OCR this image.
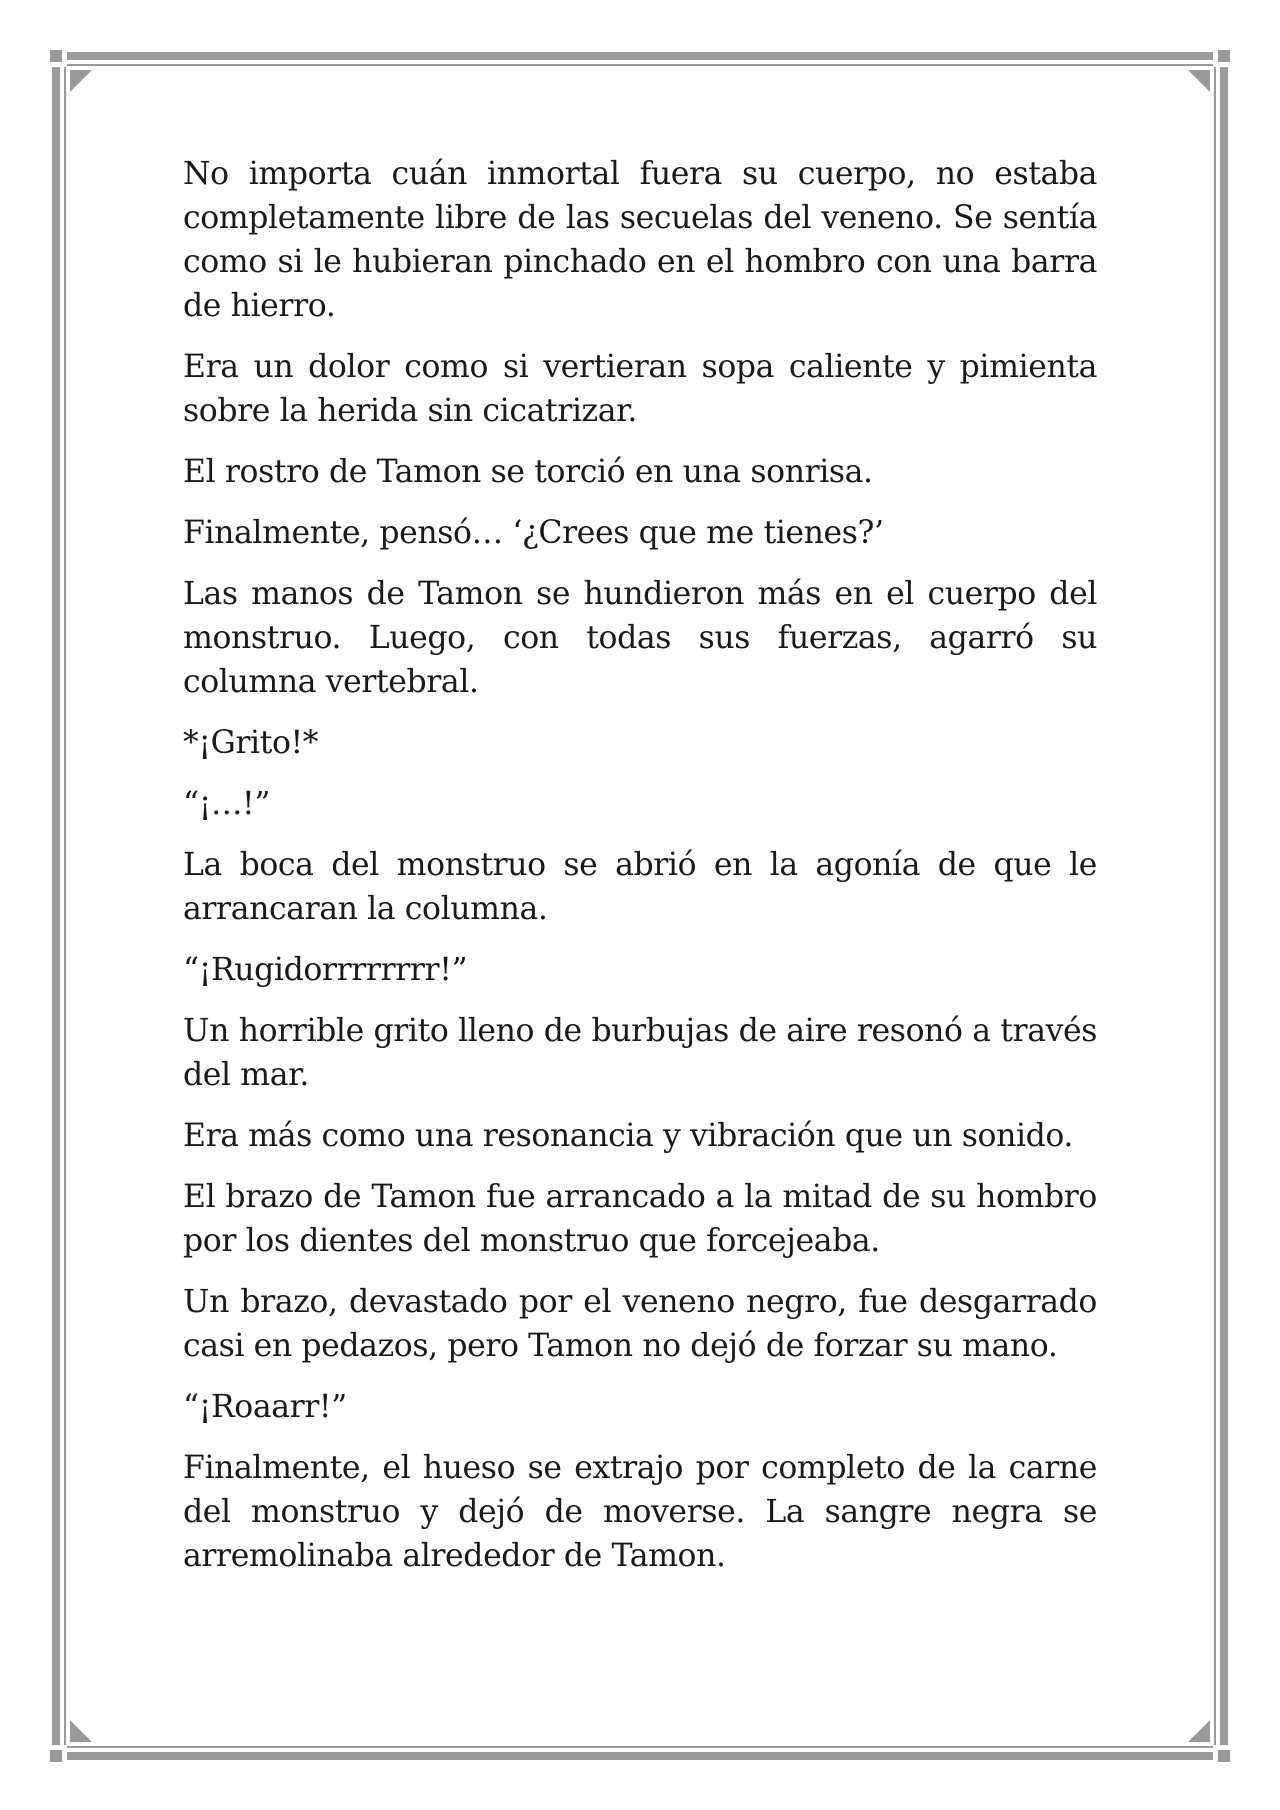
No importa cuán inmortal fuera su cuerpo, no estaba completamente libre de las secuelas del veneno. Se sentía como si le hubieran pinchado en el hombro con una barra de hierro.

Era un dolor como si vertieran sopa caliente y pimienta sobre la herida sin cicatrizar.

El rostro de Tamon se torció en una sonrisa.

Finalmente, pensó… ‘¿Crees que me tienes?’

Las manos de Tamon se hundieron más en el cuerpo del monstruo. Luego, con todas sus fuerzas, agarró su columna vertebral.

*¡Grito!*

“¡…!”

La boca del monstruo se abrió en la agonía de que le arrancaran la columna.

“¡Rugidorrrrrrrr!”

Un horrible grito lleno de burbujas de aire resonó a través del mar.

Era más como una resonancia y vibración que un sonido.

El brazo de Tamon fue arrancado a la mitad de su hombro por los dientes del monstruo que forcejeaba.

Un brazo, devastado por el veneno negro, fue desgarrado casi en pedazos, pero Tamon no dejó de forzar su mano.

“¡Roaarr!”

Finalmente, el hueso se extrajo por completo de la carne del monstruo y dejó de moverse. La sangre negra se arremolinaba alrededor de Tamon.
